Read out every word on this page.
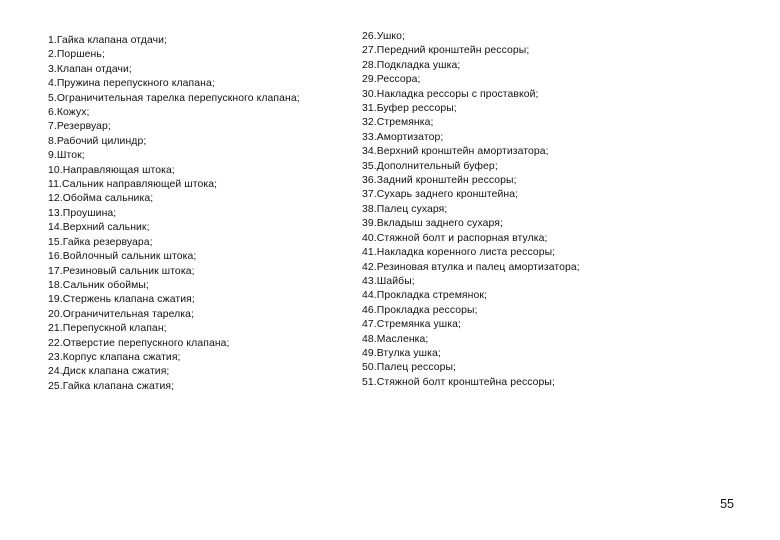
1.Гайка клапана отдачи;
2.Поршень;
3.Клапан отдачи;
4.Пружина перепускного клапана;
5.Ограничительная тарелка перепускного клапана;
6.Кожух;
7.Резервуар;
8.Рабочий цилиндр;
9.Шток;
10.Направляющая штока;
11.Сальник направляющей штока;
12.Обойма сальника;
13.Проушина;
14.Верхний сальник;
15.Гайка резервуара;
16.Войлочный сальник штока;
17.Резиновый сальник штока;
18.Сальник обоймы;
19.Стержень клапана сжатия;
20.Ограничительная тарелка;
21.Перепускной клапан;
22.Отверстие перепускного клапана;
23.Корпус клапана сжатия;
24.Диск клапана сжатия;
25.Гайка клапана сжатия;
26.Ушко;
27.Передний кронштейн рессоры;
28.Подкладка ушка;
29.Рессора;
30.Накладка рессоры с проставкой;
31.Буфер рессоры;
32.Стремянка;
33.Амортизатор;
34.Верхний кронштейн амортизатора;
35.Дополнительный буфер;
36.Задний кронштейн рессоры;
37.Сухарь заднего кронштейна;
38.Палец сухаря;
39.Вкладыш заднего сухаря;
40.Стяжной болт и распорная втулка;
41.Накладка коренного листа рессоры;
42.Резиновая втулка и палец амортизатора;
43.Шайбы;
44.Прокладка стремянок;
46.Прокладка рессоры;
47.Стремянка ушка;
48.Масленка;
49.Втулка ушка;
50.Палец рессоры;
51.Стяжной болт кронштейна рессоры;
55
